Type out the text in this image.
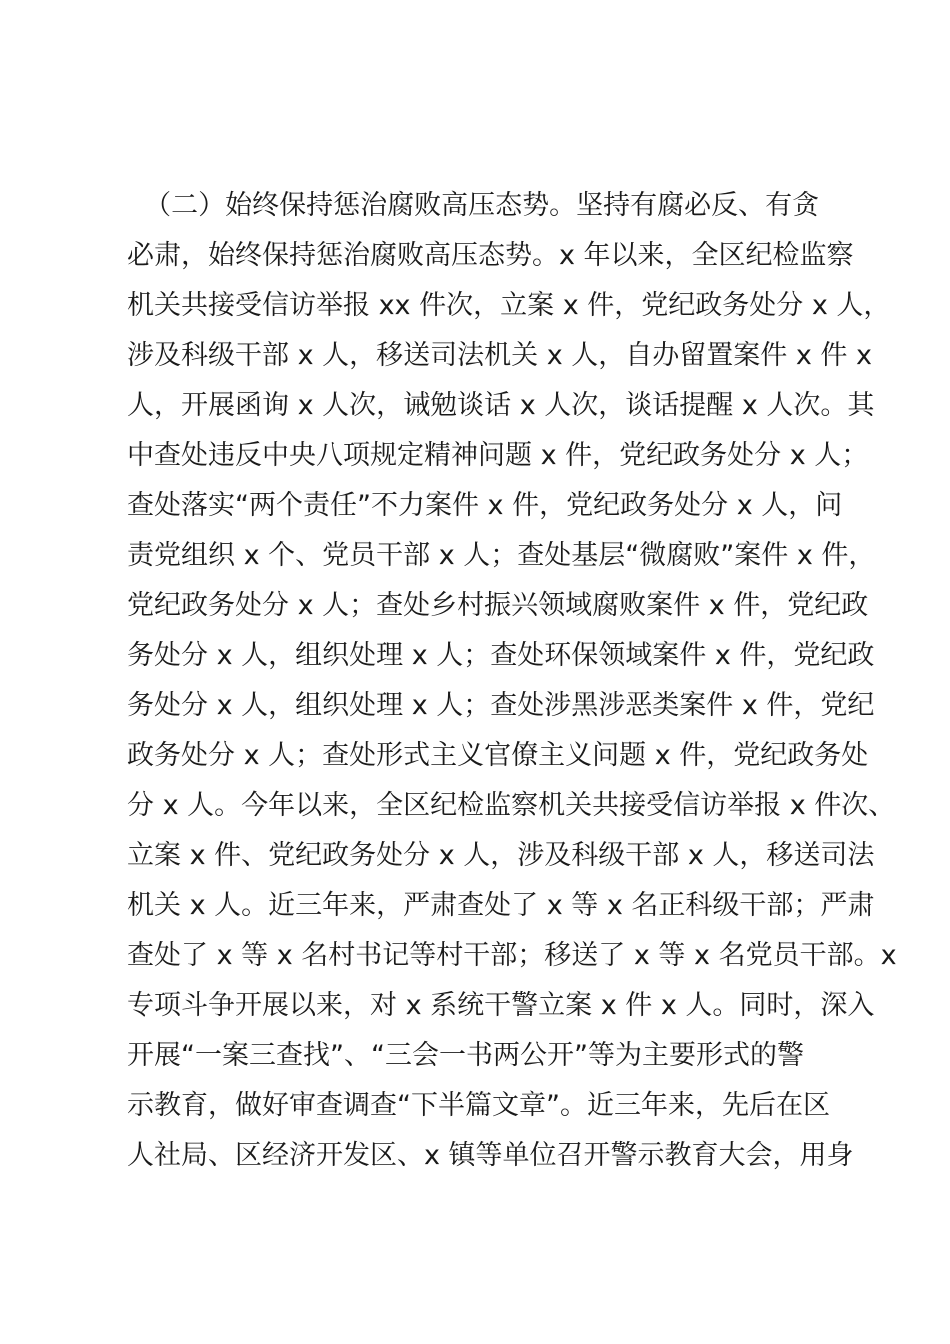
（二）始终保持惩治腐败高压态势。坚持有腐必反、有贪
必肃，始终保持惩治腐败高压态势。x 年以来，全区纪检监察
机关共接受信访举报 xx 件次，立案 x 件，党纪政务处分 x 人，
涉及科级干部 x 人，移送司法机关 x 人，自办留置案件 x 件 x
人，开展函询 x 人次，诫勉谈话 x 人次，谈话提醒 x 人次。其
中查处违反中央八项规定精神问题 x 件，党纪政务处分 x 人；
查处落实“两个责任”不力案件 x 件，党纪政务处分 x 人，问
责党组织 x 个、党员干部 x 人；查处基层“微腐败”案件 x 件，
党纪政务处分 x 人；查处乡村振兴领域腐败案件 x 件，党纪政
务处分 x 人，组织处理 x 人；查处环保领域案件 x 件，党纪政
务处分 x 人，组织处理 x 人；查处涉黑涉恶类案件 x 件，党纪
政务处分 x 人；查处形式主义官僚主义问题 x 件，党纪政务处
分 x 人。今年以来，全区纪检监察机关共接受信访举报 x 件次、
立案 x 件、党纪政务处分 x 人，涉及科级干部 x 人，移送司法
机关 x 人。近三年来，严肃查处了 x 等 x 名正科级干部；严肃
查处了 x 等 x 名村书记等村干部；移送了 x 等 x 名党员干部。x
专项斗争开展以来，对 x 系统干警立案 x 件 x 人。同时，深入
开展“一案三查找”、“三会一书两公开”等为主要形式的警
示教育，做好审查调查“下半篇文章”。近三年来，先后在区
人社局、区经济开发区、x 镇等单位召开警示教育大会，用身
